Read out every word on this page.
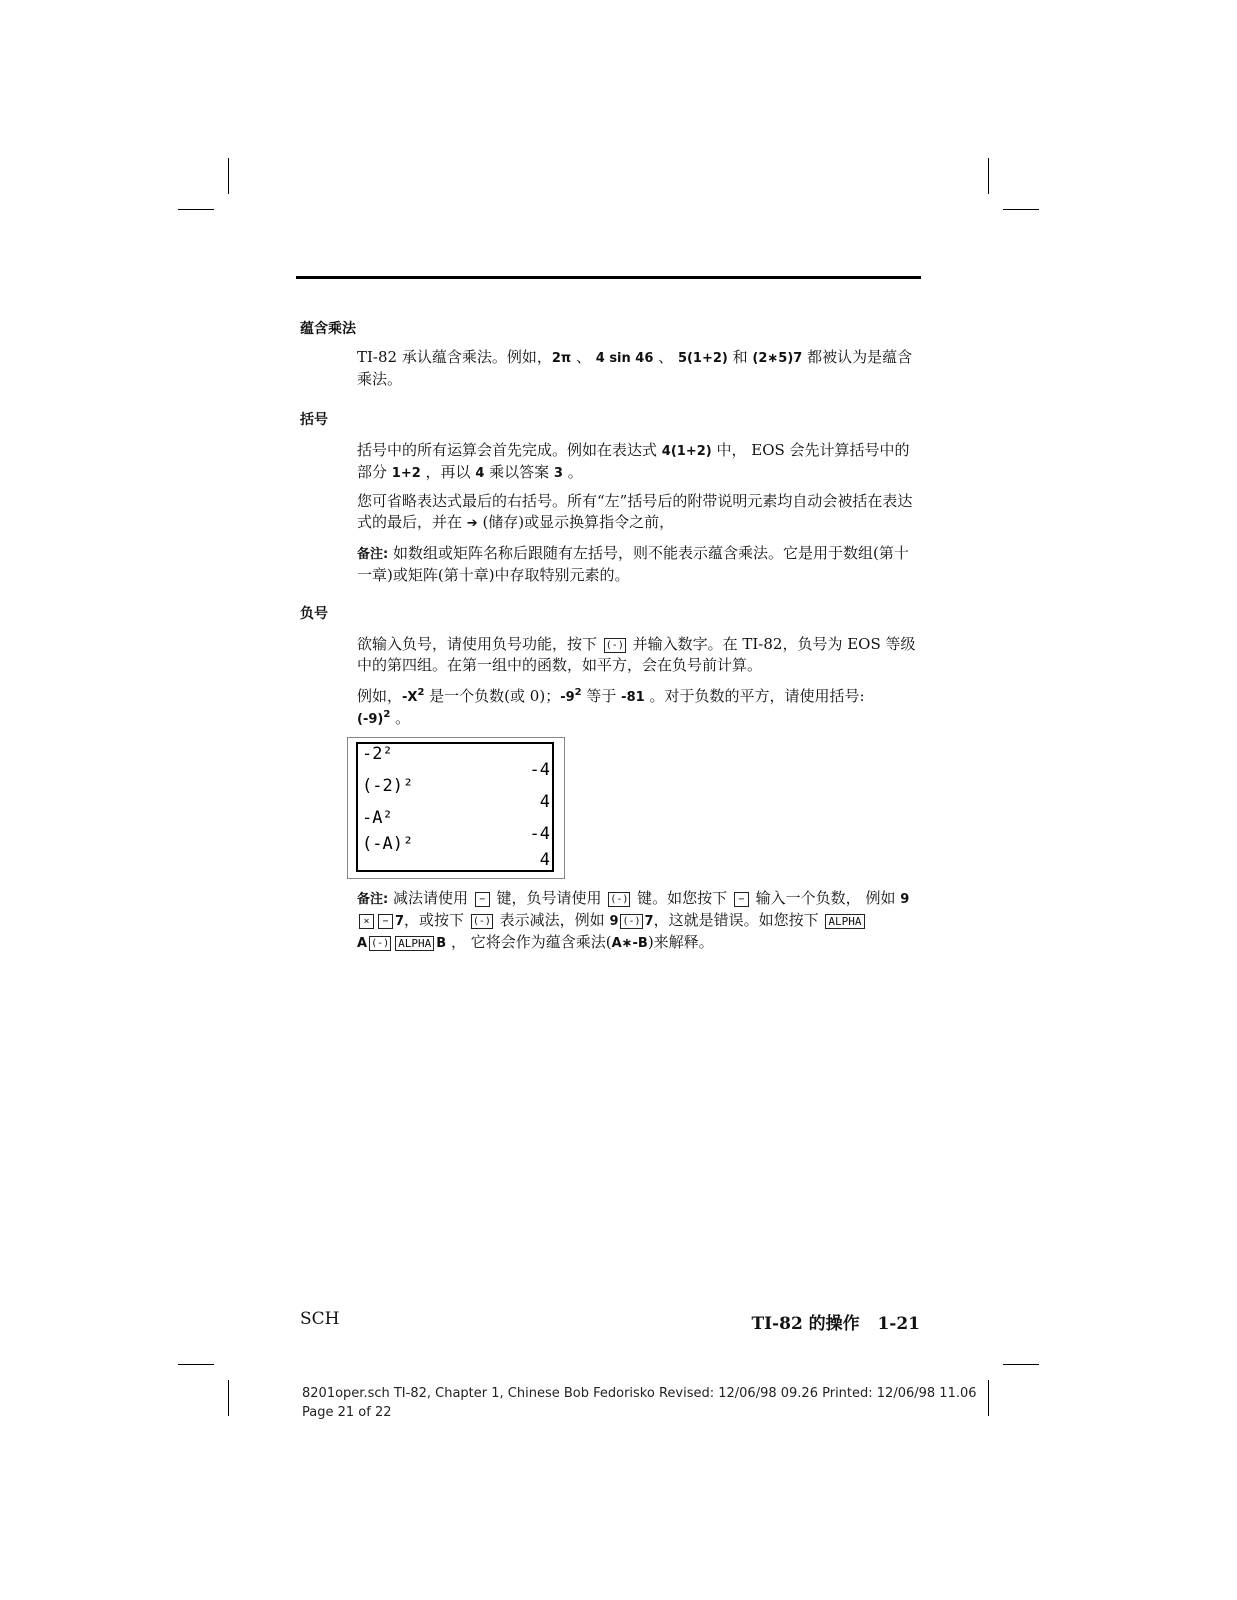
蕴含乘法
TI‑82 承认蕴含乘法。例如，2π 、 4 sin 46 、 5(1+2) 和 (2∗5)7 都被认为是蕴含乘法。
括号
括号中的所有运算会首先完成。例如在表达式 4(1+2) 中， EOS 会先计算括号中的部分 1+2 ，再以 4 乘以答案 3 。
您可省略表达式最后的右括号。所有“左”括号后的附带说明元素均自动会被括在表达式的最后，并在 ➔ (储存)或显示换算指令之前，
备注: 如数组或矩阵名称后跟随有左括号，则不能表示蕴含乘法。它是用于数组(第十一章)或矩阵(第十章)中存取特别元素的。
负号
欲输入负号，请使用负号功能，按下 (-) 并输入数字。在 TI‑82，负号为 EOS 等级中的第四组。在第一组中的函数，如平方，会在负号前计算。
例如，$‑X^2$ 是一个负数(或 0)；$‑9^2$ 等于 ‑81 。对于负数的平方，请使用括号:
(‑9)$^2$ 。
-2²
-4
(-2)²
4
-A²
-4
(-A)²
4
备注: 减法请使用 − 键，负号请使用 (-) 键。如您按下 − 输入一个负数， 例如 9× − 7，或按下 (-) 表示减法，例如 9 (-) 7，这就是错误。如您按下 ALPHA
A (-) ALPHA B ， 它将会作为蕴含乘法(A∗‑B)来解释。
SCH	TI‑82 的操作 1‑21
8201oper.sch TI‑82, Chapter 1, Chinese Bob Fedorisko Revised: 12/06/98 09.26 Printed: 12/06/98 11.06
Page 21 of 22
